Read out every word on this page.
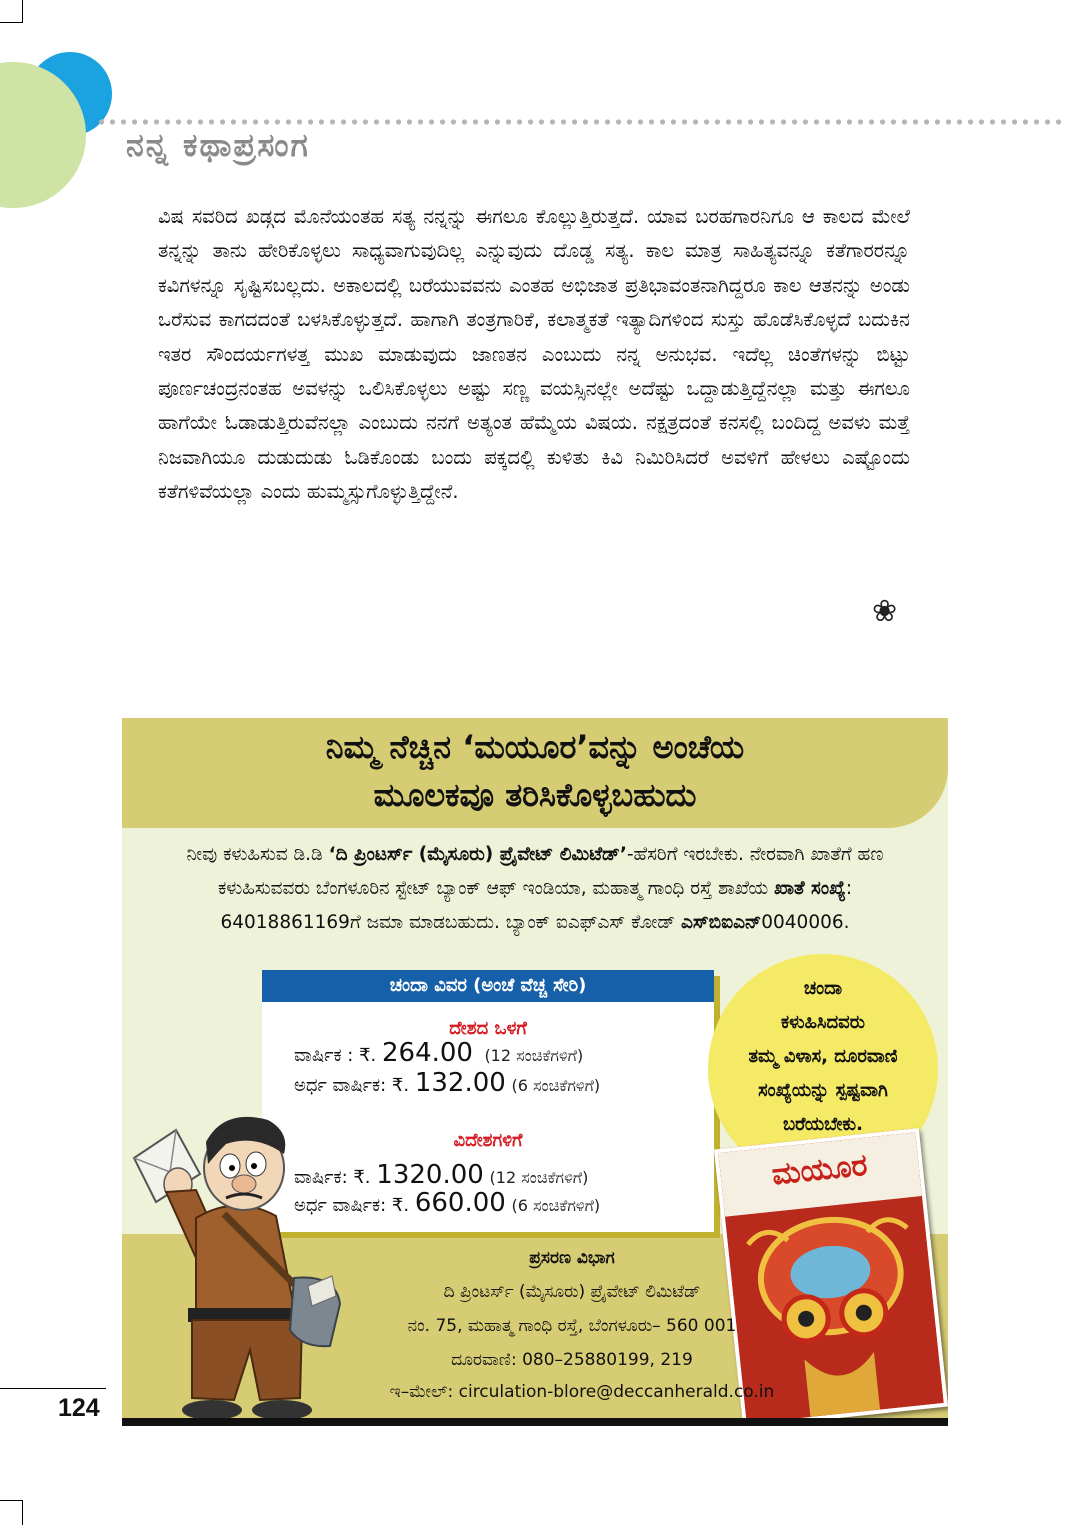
ನನ್ನ ಕಥಾಪ್ರಸಂಗ
ವಿಷ ಸವರಿದ ಖಡ್ಗದ ಮೊನೆಯಂತಹ ಸತ್ಯ ನನ್ನನ್ನು ಈಗಲೂ ಕೊಲ್ಲುತ್ತಿರುತ್ತದೆ. ಯಾವ ಬರಹಗಾರನಿಗೂ ಆ ಕಾಲದ ಮೇಲೆ ತನ್ನನ್ನು ತಾನು ಹೇರಿಕೊಳ್ಳಲು ಸಾಧ್ಯವಾಗುವುದಿಲ್ಲ ಎನ್ನುವುದು ದೊಡ್ಡ ಸತ್ಯ. ಕಾಲ ಮಾತ್ರ ಸಾಹಿತ್ಯವನ್ನೂ ಕತೆಗಾರರನ್ನೂ ಕವಿಗಳನ್ನೂ ಸೃಷ್ಟಿಸಬಲ್ಲದು. ಅಕಾಲದಲ್ಲಿ ಬರೆಯುವವನು ಎಂತಹ ಅಭಿಜಾತ ಪ್ರತಿಭಾವಂತನಾಗಿದ್ದರೂ ಕಾಲ ಆತನನ್ನು ಅಂಡು ಒರೆಸುವ ಕಾಗದದಂತೆ ಬಳಸಿಕೊಳ್ಳುತ್ತದೆ. ಹಾಗಾಗಿ ತಂತ್ರಗಾರಿಕೆ, ಕಲಾತ್ಮಕತೆ ಇತ್ಯಾದಿಗಳಿಂದ ಸುಸ್ತು ಹೊಡೆಸಿಕೊಳ್ಳದೆ ಬದುಕಿನ ಇತರ ಸೌಂದರ್ಯಗಳತ್ತ ಮುಖ ಮಾಡುವುದು ಜಾಣತನ ಎಂಬುದು ನನ್ನ ಅನುಭವ. ಇದೆಲ್ಲ ಚಿಂತೆಗಳನ್ನು ಬಿಟ್ಟು ಪೂರ್ಣಚಂದ್ರನಂತಹ ಅವಳನ್ನು ಒಲಿಸಿಕೊಳ್ಳಲು ಅಷ್ಟು ಸಣ್ಣ ವಯಸ್ಸಿನಲ್ಲೇ ಅದೆಷ್ಟು ಒದ್ದಾಡುತ್ತಿದ್ದೆನಲ್ಲಾ ಮತ್ತು ಈಗಲೂ ಹಾಗೆಯೇ ಓಡಾಡುತ್ತಿರುವೆನಲ್ಲಾ ಎಂಬುದು ನನಗೆ ಅತ್ಯಂತ ಹೆಮ್ಮೆಯ ವಿಷಯ. ನಕ್ಷತ್ರದಂತೆ ಕನಸಲ್ಲಿ ಬಂದಿದ್ದ ಅವಳು ಮತ್ತೆ ನಿಜವಾಗಿಯೂ ದುಡುದುಡು ಓಡಿಕೊಂಡು ಬಂದು ಪಕ್ಕದಲ್ಲಿ ಕುಳಿತು ಕಿವಿ ನಿಮಿರಿಸಿದರೆ ಅವಳಿಗೆ ಹೇಳಲು ಎಷ್ಟೊಂದು ಕತೆಗಳಿವೆಯಲ್ಲಾ ಎಂದು ಹುಮ್ಮಸ್ಸುಗೊಳ್ಳುತ್ತಿದ್ದೇನೆ.
❀
ನಿಮ್ಮ ನೆಚ್ಚಿನ ‘ಮಯೂರ’ವನ್ನು ಅಂಚೆಯ
ಮೂಲಕವೂ ತರಿಸಿಕೊಳ್ಳಬಹುದು
ನೀವು ಕಳುಹಿಸುವ ಡಿ.ಡಿ ‘ದಿ ಪ್ರಿಂಟರ್ಸ್ (ಮೈಸೂರು) ಪ್ರೈವೇಟ್ ಲಿಮಿಟೆಡ್’-ಹೆಸರಿಗೆ ಇರಬೇಕು. ನೇರವಾಗಿ ಖಾತೆಗೆ ಹಣ ಕಳುಹಿಸುವವರು ಬೆಂಗಳೂರಿನ ಸ್ಟೇಟ್ ಬ್ಯಾಂಕ್ ಆಫ್ ಇಂಡಿಯಾ, ಮಹಾತ್ಮ ಗಾಂಧಿ ರಸ್ತೆ ಶಾಖೆಯ ಖಾತೆ ಸಂಖ್ಯೆ: 64018861169ಗೆ ಜಮಾ ಮಾಡಬಹುದು. ಬ್ಯಾಂಕ್ ಐಎಫ್ಎಸ್ ಕೋಡ್ ಎಸ್‌ಬಿಐಎನ್0040006.
ಚಂದಾ ವಿವರ (ಅಂಚೆ ವೆಚ್ಚ ಸೇರಿ)
ದೇಶದ ಒಳಗೆ
ವಾರ್ಷಿಕ : ₹. 264.00 (12 ಸಂಚಿಕೆಗಳಿಗೆ)
ಅರ್ಧ ವಾರ್ಷಿಕ: ₹. 132.00 (6 ಸಂಚಿಕೆಗಳಿಗೆ)
ವಿದೇಶಗಳಿಗೆ
ವಾರ್ಷಿಕ: ₹. 1320.00 (12 ಸಂಚಿಕೆಗಳಿಗೆ)
ಅರ್ಧ ವಾರ್ಷಿಕ: ₹. 660.00 (6 ಸಂಚಿಕೆಗಳಿಗೆ)
ಚಂದಾ
ಕಳುಹಿಸಿದವರು
ತಮ್ಮ ವಿಳಾಸ, ದೂರವಾಣಿ
ಸಂಖ್ಯೆಯನ್ನು ಸ್ಪಷ್ಟವಾಗಿ
ಬರೆಯಬೇಕು.
ಮಯೂರ
ಪ್ರಸರಣ ವಿಭಾಗ
ದಿ ಪ್ರಿಂಟರ್ಸ್ (ಮೈಸೂರು) ಪ್ರೈವೇಟ್ ಲಿಮಿಟೆಡ್
ನಂ. 75, ಮಹಾತ್ಮ ಗಾಂಧಿ ರಸ್ತೆ, ಬೆಂಗಳೂರು– 560 001
ದೂರವಾಣಿ: 080–25880199, 219
ಇ–ಮೇಲ್: circulation-blore@deccanherald.co.in
124
